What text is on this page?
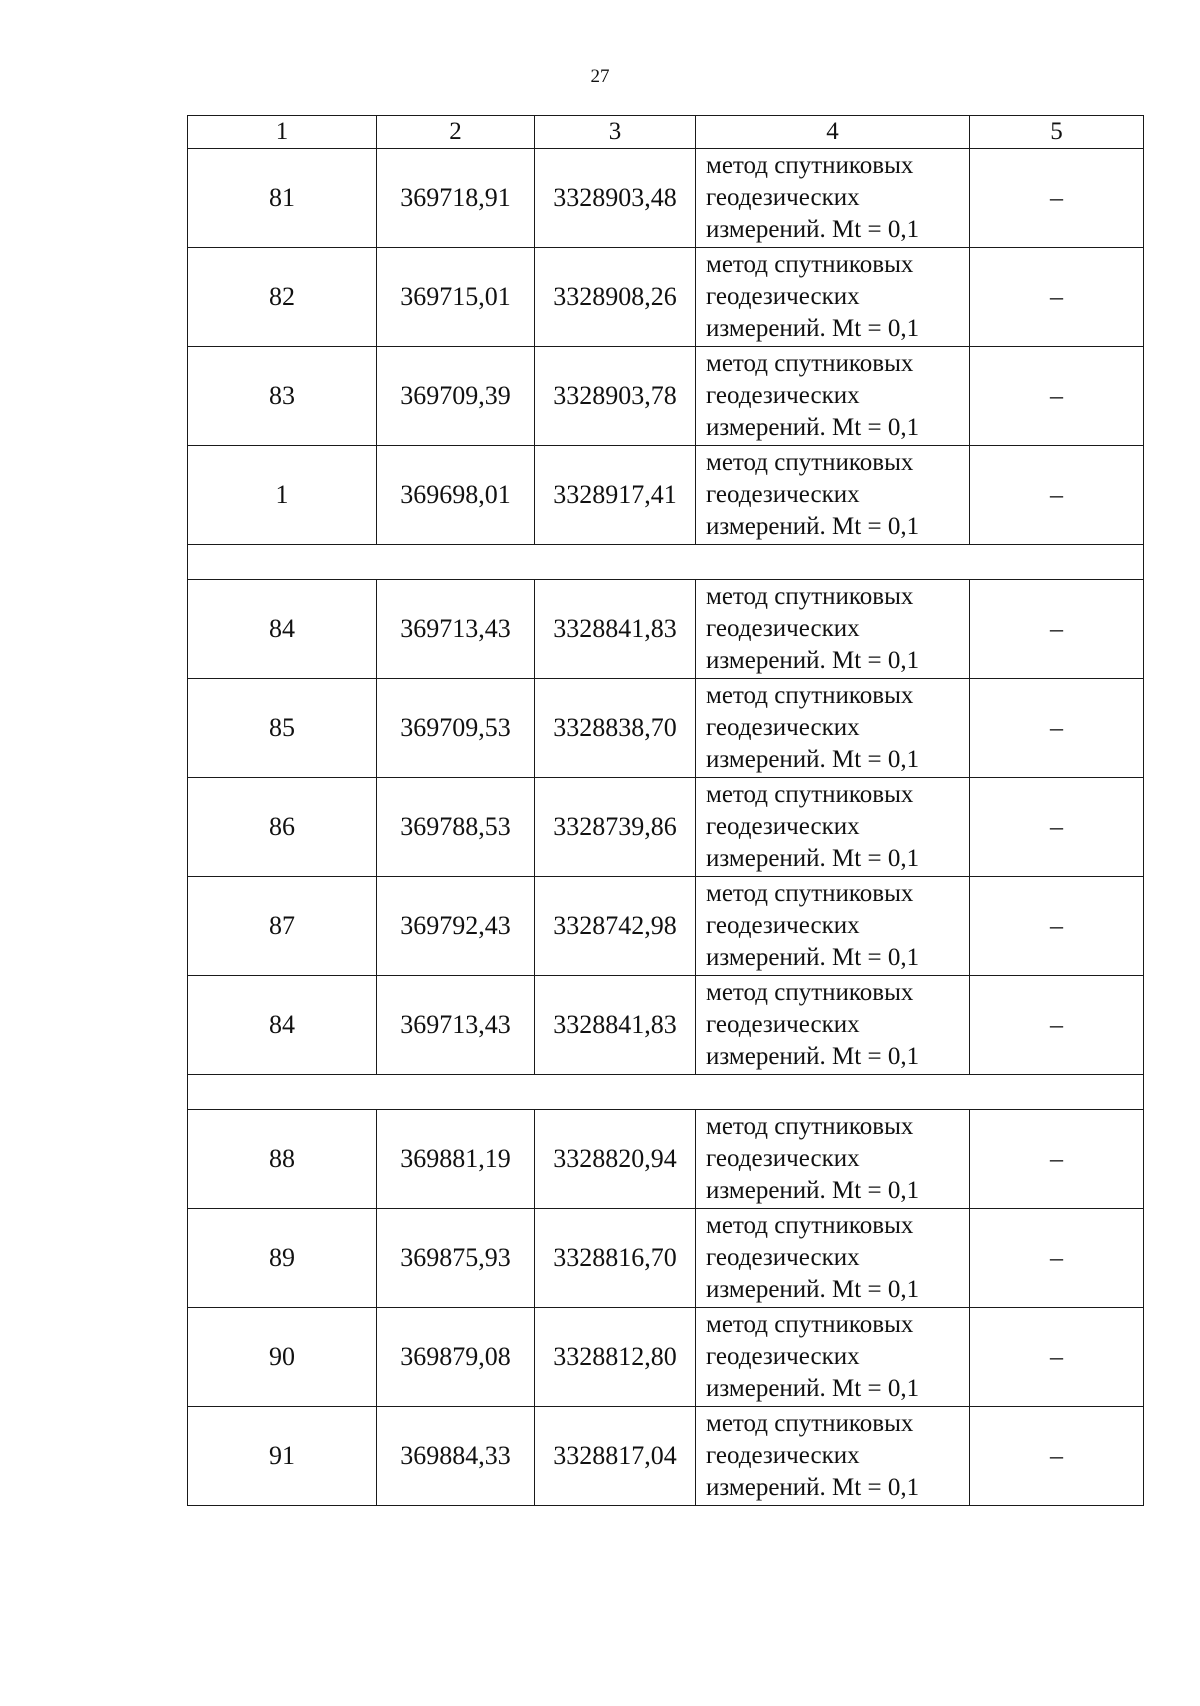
27
1	2	3	4	5
81	369718,91	3328903,48	метод спутниковых
геодезических
измерений. Mt = 0,1	–
82	369715,01	3328908,26	метод спутниковых
геодезических
измерений. Mt = 0,1	–
83	369709,39	3328903,78	метод спутниковых
геодезических
измерений. Mt = 0,1	–
1	369698,01	3328917,41	метод спутниковых
геодезических
измерений. Mt = 0,1	–

84	369713,43	3328841,83	метод спутниковых
геодезических
измерений. Mt = 0,1	–
85	369709,53	3328838,70	метод спутниковых
геодезических
измерений. Mt = 0,1	–
86	369788,53	3328739,86	метод спутниковых
геодезических
измерений. Mt = 0,1	–
87	369792,43	3328742,98	метод спутниковых
геодезических
измерений. Mt = 0,1	–
84	369713,43	3328841,83	метод спутниковых
геодезических
измерений. Mt = 0,1	–

88	369881,19	3328820,94	метод спутниковых
геодезических
измерений. Mt = 0,1	–
89	369875,93	3328816,70	метод спутниковых
геодезических
измерений. Mt = 0,1	–
90	369879,08	3328812,80	метод спутниковых
геодезических
измерений. Mt = 0,1	–
91	369884,33	3328817,04	метод спутниковых
геодезических
измерений. Mt = 0,1	–
